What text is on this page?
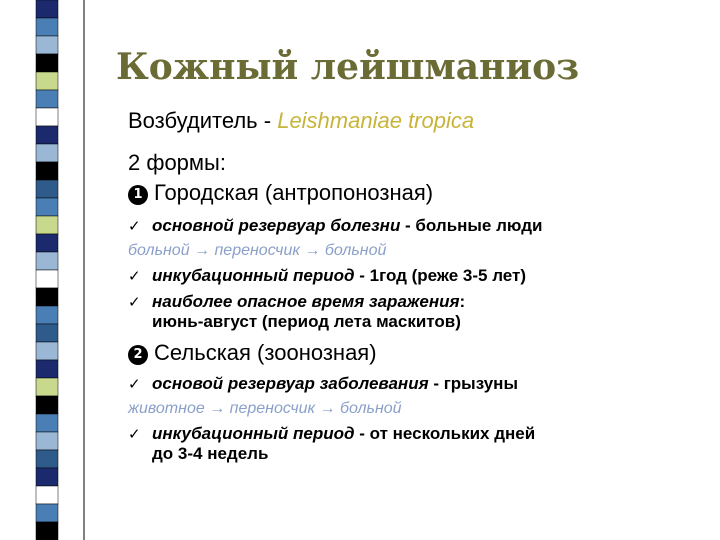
Кожный лейшманиоз
Возбудитель - Leishmaniae tropica
2 формы:
1 Городская (антропонозная)
✓ основной резервуар болезни - больные люди
больной → переносчик → больной
✓ инкубационный период - 1год (реже 3-5 лет)
✓ наиболее опасное время заражения:
июнь-август (период лета маскитов)
2 Сельская (зоонозная)
✓ основой резервуар заболевания - грызуны
животное → переносчик → больной
✓ инкубационный период - от нескольких дней
до 3-4 недель
